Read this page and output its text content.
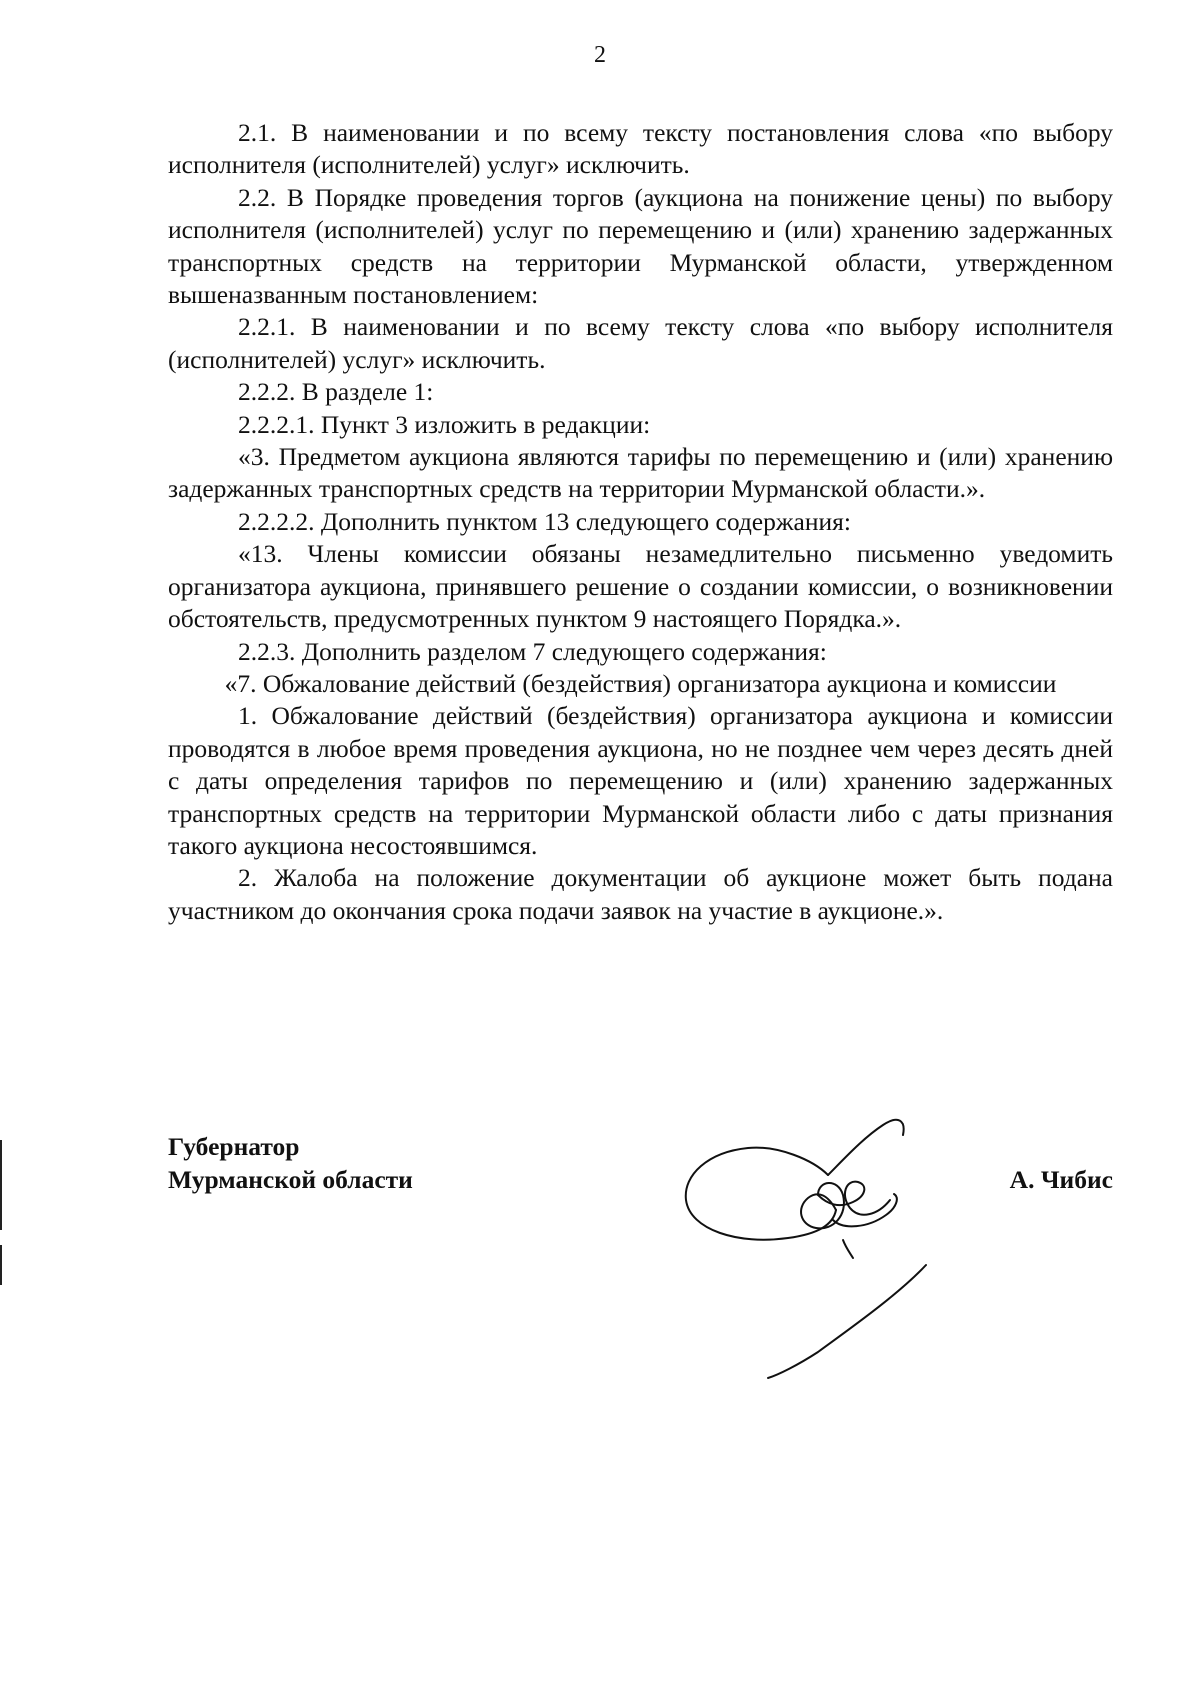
2

2.1. В наименовании и по всему тексту постановления слова «по выбору исполнителя (исполнителей) услуг» исключить.

2.2. В Порядке проведения торгов (аукциона на понижение цены) по выбору исполнителя (исполнителей) услуг по перемещению и (или) хранению задержанных транспортных средств на территории Мурманской области, утвержденном вышеназванным постановлением:

2.2.1. В наименовании и по всему тексту слова «по выбору исполнителя (исполнителей) услуг» исключить.

2.2.2. В разделе 1:

2.2.2.1. Пункт 3 изложить в редакции:

«3. Предметом аукциона являются тарифы по перемещению и (или) хранению задержанных транспортных средств на территории Мурманской области.».

2.2.2.2. Дополнить пунктом 13 следующего содержания:

«13. Члены комиссии обязаны незамедлительно письменно уведомить организатора аукциона, принявшего решение о создании комиссии, о возникновении обстоятельств, предусмотренных пунктом 9 настоящего Порядка.».

2.2.3. Дополнить разделом 7 следующего содержания:

«7. Обжалование действий (бездействия) организатора аукциона и комиссии

1. Обжалование действий (бездействия) организатора аукциона и комиссии проводятся в любое время проведения аукциона, но не позднее чем через десять дней с даты определения тарифов по перемещению и (или) хранению задержанных транспортных средств на территории Мурманской области либо с даты признания такого аукциона несостоявшимся.

2. Жалоба на положение документации об аукционе может быть подана участником до окончания срока подачи заявок на участие в аукционе.».

Губернатор
Мурманской области	А. Чибис
